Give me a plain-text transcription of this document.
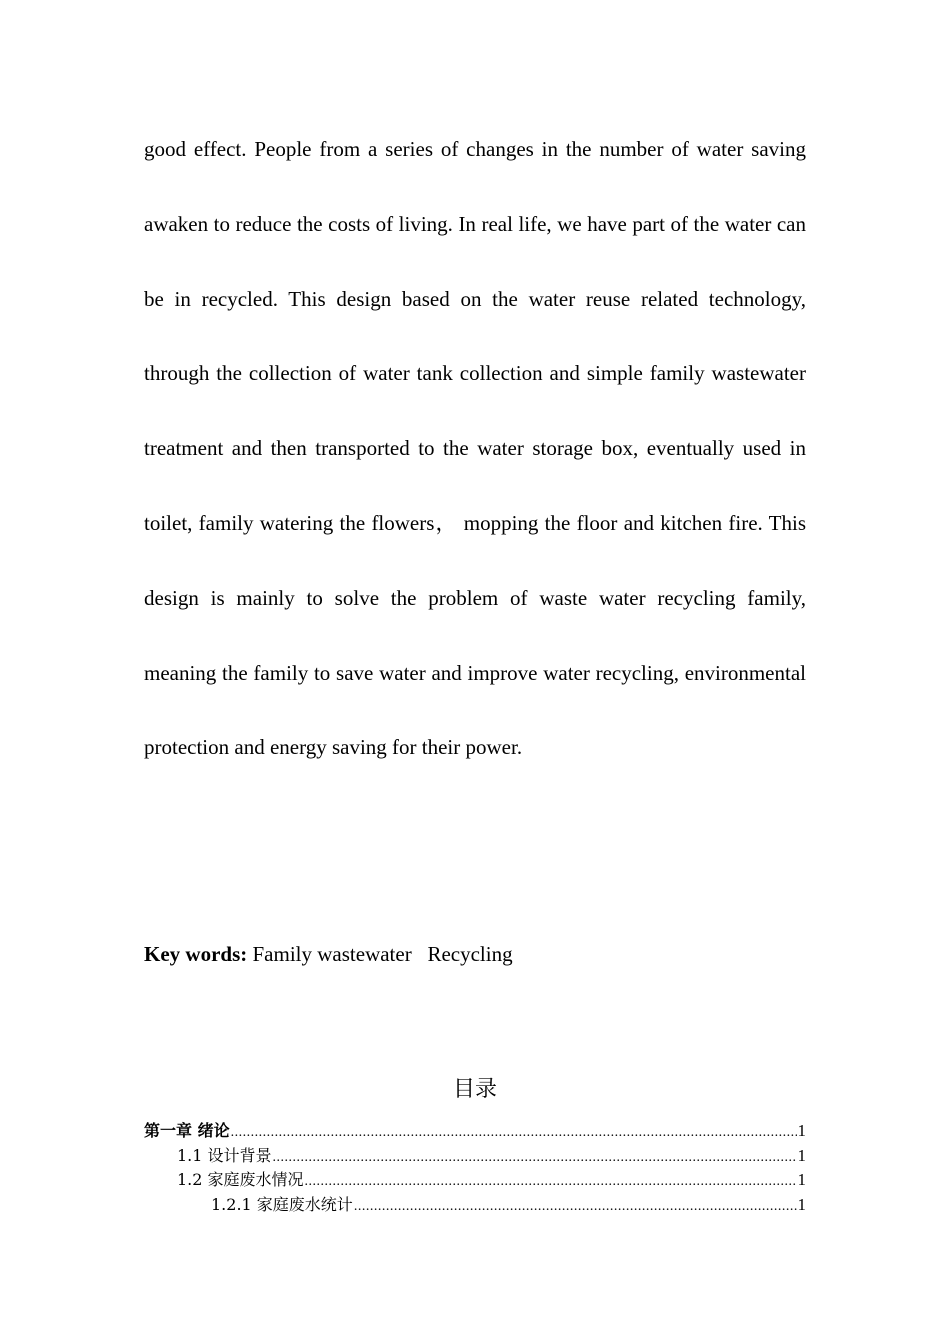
good effect. People from a series of changes in the number of water saving awaken to reduce the costs of living. In real life, we have part of the water can be in recycled. This design based on the water reuse related technology, through the collection of water tank collection and simple family wastewater treatment and then transported to the water storage box, eventually used in toilet, family watering the flowers， mopping the floor and kitchen fire. This design is mainly to solve the problem of waste water recycling family, meaning the family to save water and improve water recycling, environmental protection and energy saving for their power.

Key words: Family wastewater   Recycling

目录
第一章 绪论 .....	1
1.1 设计背景 .....	1
1.2 家庭废水情况 .....	1
1.2.1 家庭废水统计 .....	1
